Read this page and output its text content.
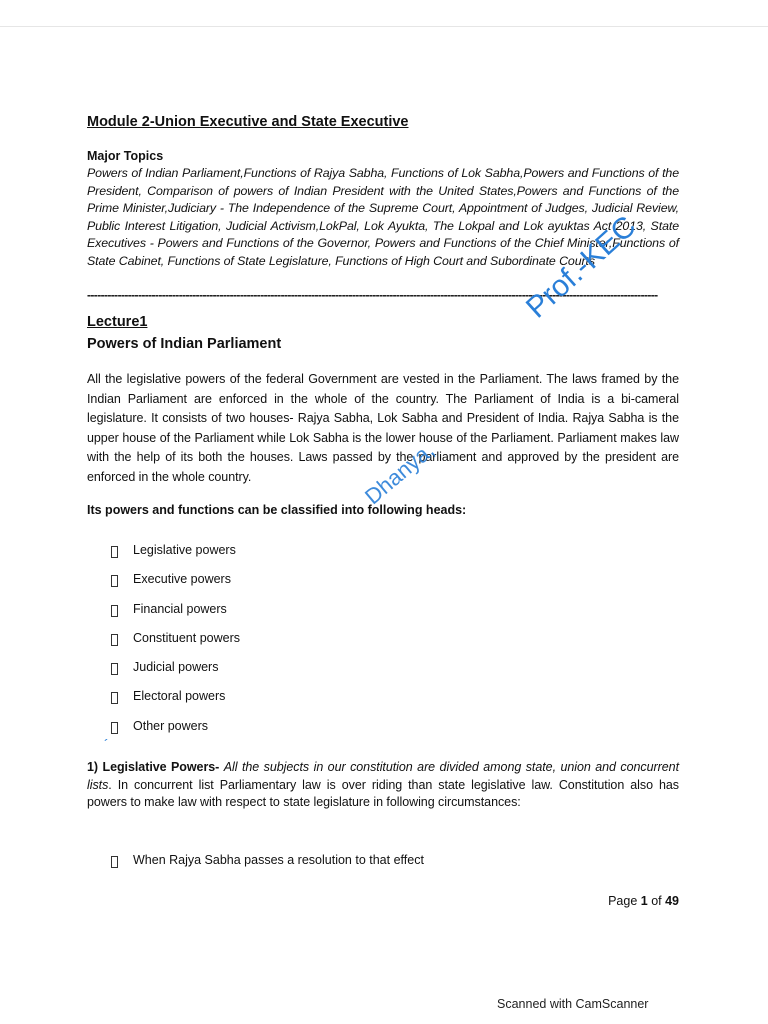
Module 2-Union Executive and State Executive
Major Topics
Powers of Indian Parliament,Functions of Rajya Sabha, Functions of Lok Sabha,Powers and Functions of the President, Comparison of powers of Indian President with the United States,Powers and Functions of the Prime Minister,Judiciary - The Independence of the Supreme Court, Appointment of Judges, Judicial Review, Public Interest Litigation, Judicial Activism,LokPal, Lok Ayukta, The Lokpal and Lok ayuktas Act 2013, State Executives - Powers and Functions of the Governor, Powers and Functions of the Chief Minister,Functions of State Cabinet, Functions of State Legislature, Functions of High Court and Subordinate Courts
------------------------------------------------------------------------------------------------------------------------------------------------------------------------
Lecture1
Powers of Indian Parliament
All the legislative powers of the federal Government are vested in the Parliament. The laws framed by the Indian Parliament are enforced in the whole of the country. The Parliament of India is a bi-cameral legislature. It consists of two houses- Rajya Sabha, Lok Sabha and President of India. Rajya Sabha is the upper house of the Parliament while Lok Sabha is the lower house of the Parliament. Parliament makes law with the help of its both the houses. Laws passed by the parliament and approved by the president are enforced in the whole country.
Its powers and functions can be classified into following heads:
Legislative powers
Executive powers
Financial powers
Constituent powers
Judicial powers
Electoral powers
Other powers
1) Legislative Powers- All the subjects in our constitution are divided among state, union and concurrent lists. In concurrent list Parliamentary law is over riding than state legislative law. Constitution also has powers to make law with respect to state legislature in following circumstances:
When Rajya Sabha passes a resolution to that effect
Page 1 of 49
Prof.-KEC
Dhanya,
´
Scanned with CamScanner
